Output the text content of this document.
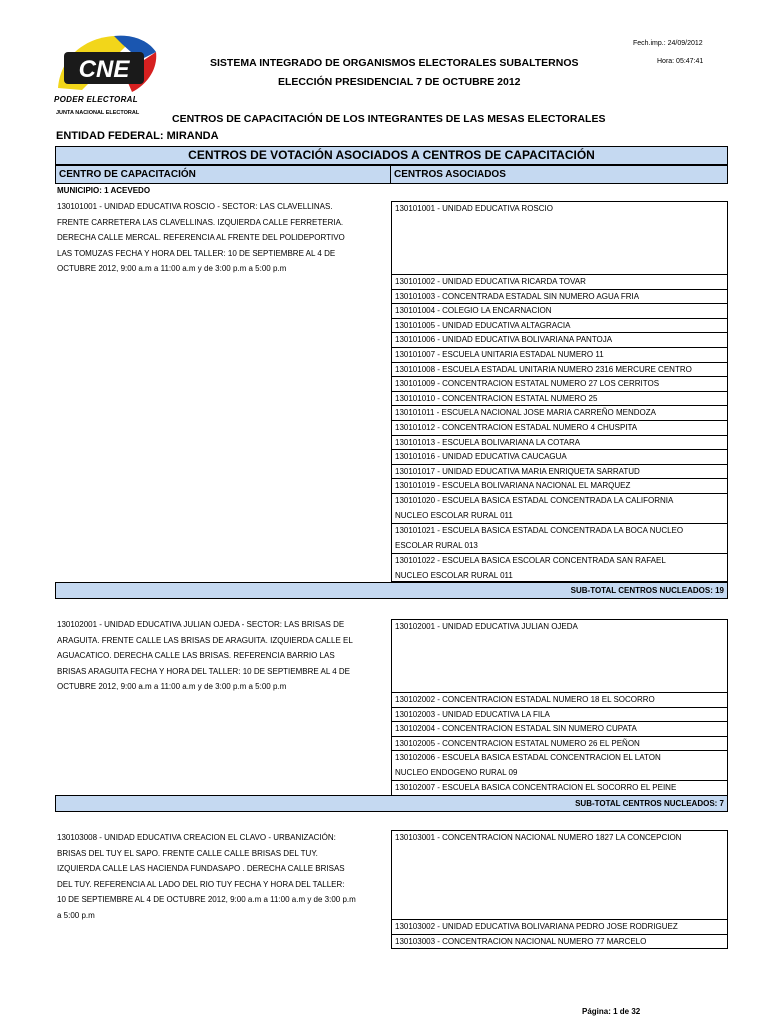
CNE
PODER ELECTORAL
JUNTA NACIONAL ELECTORAL
SISTEMA INTEGRADO DE ORGANISMOS ELECTORALES SUBALTERNOS
ELECCIÓN PRESIDENCIAL 7 DE OCTUBRE 2012
CENTROS DE CAPACITACIÓN DE LOS INTEGRANTES DE LAS MESAS ELECTORALES
Fech.imp.: 24/09/2012
Hora: 05:47:41
ENTIDAD FEDERAL: MIRANDA
CENTROS DE VOTACIÓN ASOCIADOS A CENTROS DE CAPACITACIÓN
CENTRO DE CAPACITACIÓN	CENTROS ASOCIADOS
MUNICIPIO: 1 ACEVEDO
130101001 - UNIDAD EDUCATIVA ROSCIO - SECTOR: LAS CLAVELLINAS.
FRENTE CARRETERA LAS CLAVELLINAS. IZQUIERDA CALLE FERRETERIA.
DERECHA CALLE MERCAL. REFERENCIA AL FRENTE DEL POLIDEPORTIVO
LAS TOMUZAS FECHA Y HORA DEL TALLER: 10 DE SEPTIEMBRE AL 4 DE
OCTUBRE 2012, 9:00 a.m a 11:00 a.m y de 3:00 p.m a 5:00 p.m
130101001 - UNIDAD EDUCATIVA ROSCIO
130101002 - UNIDAD EDUCATIVA RICARDA TOVAR
130101003 - CONCENTRADA ESTADAL SIN NUMERO AGUA FRIA
130101004 - COLEGIO LA ENCARNACION
130101005 - UNIDAD EDUCATIVA ALTAGRACIA
130101006 - UNIDAD EDUCATIVA BOLIVARIANA PANTOJA
130101007 - ESCUELA UNITARIA ESTADAL NUMERO 11
130101008 - ESCUELA ESTADAL UNITARIA NUMERO 2316 MERCURE CENTRO
130101009 - CONCENTRACION ESTATAL NUMERO 27 LOS CERRITOS
130101010 - CONCENTRACION ESTATAL NUMERO 25
130101011 - ESCUELA NACIONAL JOSE MARIA CARREÑO MENDOZA
130101012 - CONCENTRACION ESTADAL NUMERO 4 CHUSPITA
130101013 - ESCUELA BOLIVARIANA LA COTARA
130101016 - UNIDAD EDUCATIVA CAUCAGUA
130101017 - UNIDAD EDUCATIVA MARIA ENRIQUETA SARRATUD
130101019 - ESCUELA BOLIVARIANA NACIONAL EL MARQUEZ
130101020 - ESCUELA BASICA ESTADAL CONCENTRADA LA CALIFORNIA
NUCLEO ESCOLAR RURAL 011
130101021 - ESCUELA BASICA ESTADAL CONCENTRADA LA BOCA NUCLEO
ESCOLAR RURAL 013
130101022 - ESCUELA BASICA ESCOLAR CONCENTRADA SAN RAFAEL
NUCLEO ESCOLAR RURAL 011
SUB-TOTAL CENTROS NUCLEADOS: 19
130102001 - UNIDAD EDUCATIVA JULIAN OJEDA - SECTOR: LAS BRISAS DE
ARAGUITA. FRENTE CALLE LAS BRISAS DE ARAGUITA. IZQUIERDA CALLE EL
AGUACATICO. DERECHA CALLE LAS BRISAS. REFERENCIA BARRIO LAS
BRISAS ARAGUITA FECHA Y HORA DEL TALLER: 10 DE SEPTIEMBRE AL 4 DE
OCTUBRE 2012, 9:00 a.m a 11:00 a.m y de 3:00 p.m a 5:00 p.m
130102001 - UNIDAD EDUCATIVA JULIAN OJEDA
130102002 - CONCENTRACION ESTADAL NUMERO 18 EL SOCORRO
130102003 - UNIDAD EDUCATIVA LA FILA
130102004 - CONCENTRACION ESTADAL SIN NUMERO CUPATA
130102005 - CONCENTRACION ESTATAL NUMERO 26 EL PEÑON
130102006 - ESCUELA BASICA ESTADAL CONCENTRACION EL LATON
NUCLEO ENDOGENO RURAL 09
130102007 - ESCUELA BASICA CONCENTRACION EL SOCORRO EL PEINE
SUB-TOTAL CENTROS NUCLEADOS: 7
130103008 - UNIDAD EDUCATIVA CREACION EL CLAVO - URBANIZACIÓN:
BRISAS DEL TUY EL SAPO. FRENTE CALLE CALLE BRISAS DEL TUY.
IZQUIERDA CALLE LAS HACIENDA FUNDASAPO . DERECHA CALLE BRISAS
DEL TUY. REFERENCIA AL LADO DEL RIO TUY FECHA Y HORA DEL TALLER:
10 DE SEPTIEMBRE AL 4 DE OCTUBRE 2012, 9:00 a.m a 11:00 a.m y de 3:00 p.m
a 5:00 p.m
130103001 - CONCENTRACION NACIONAL NUMERO 1827 LA CONCEPCION
130103002 - UNIDAD EDUCATIVA BOLIVARIANA PEDRO JOSE RODRIGUEZ
130103003 - CONCENTRACION NACIONAL NUMERO 77 MARCELO
Página: 1 de 32
